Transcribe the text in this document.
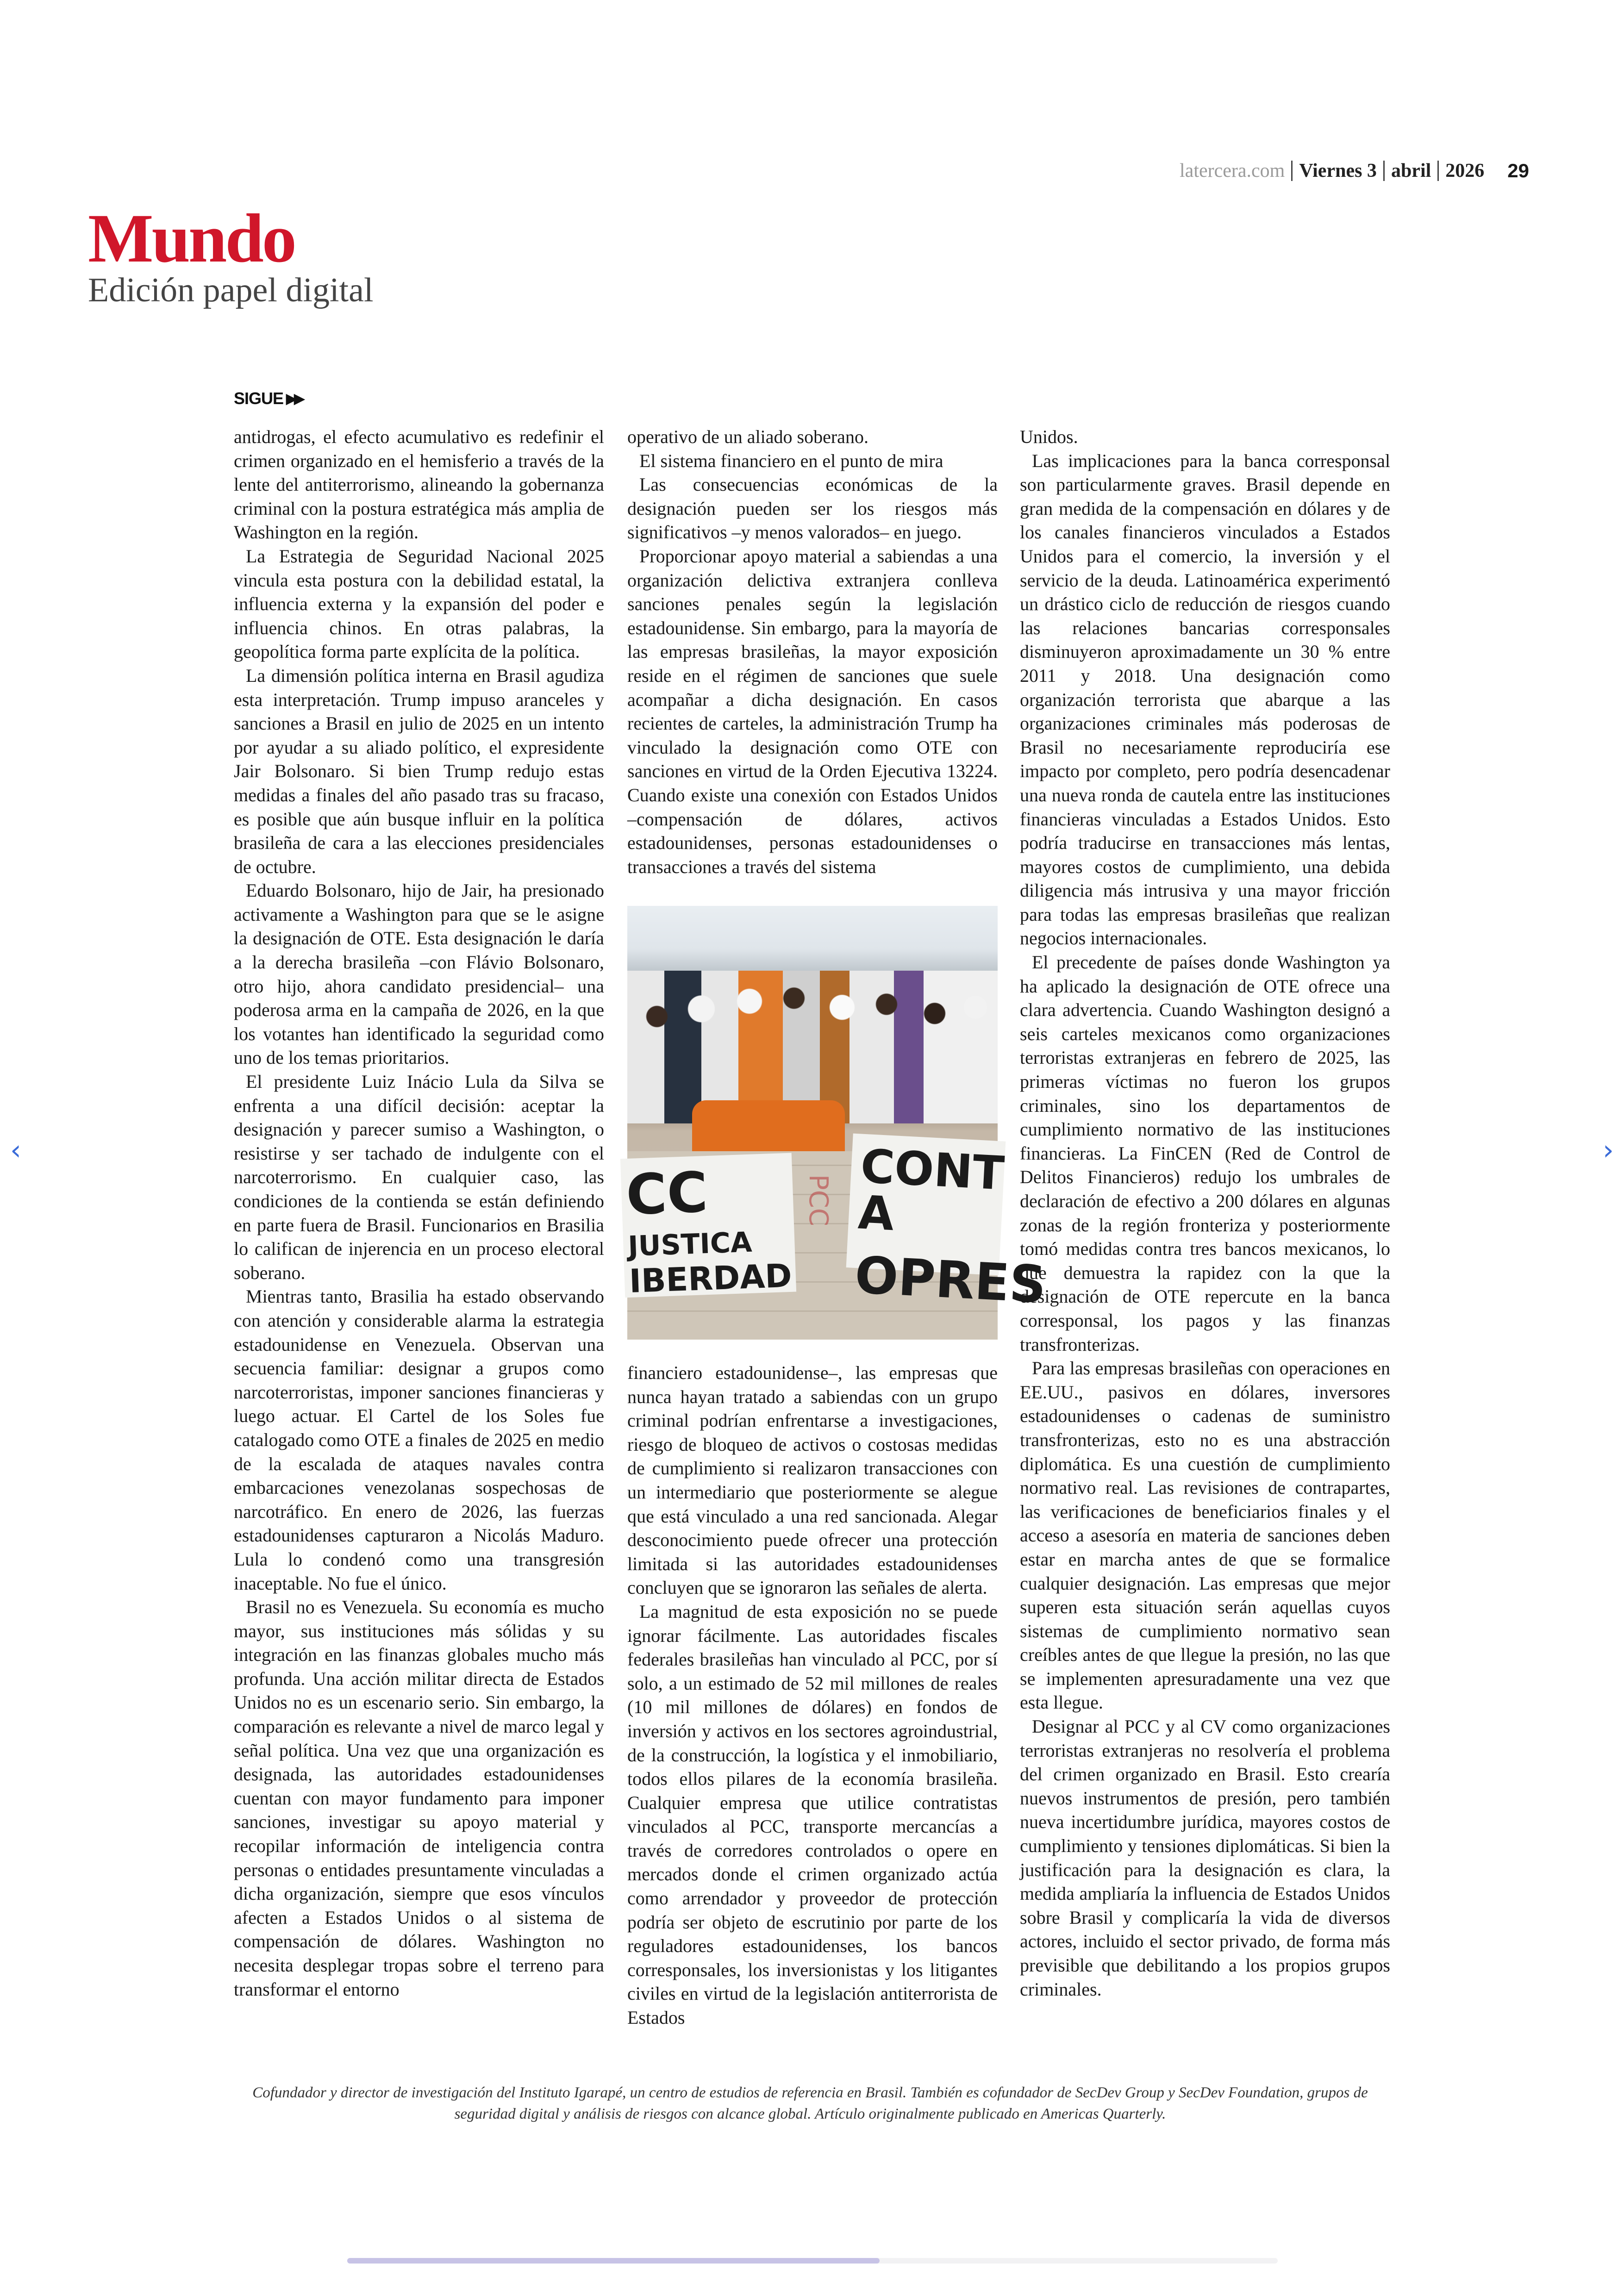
latercera.com Viernes 3 abril 2026 29
Mundo
Edición papel digital
SIGUE ▶▶

antidrogas, el efecto acumulativo es redefinir el crimen organizado en el hemisferio a través de la lente del antiterrorismo, alineando la gobernanza criminal con la postura estratégica más amplia de Washington en la región.

La Estrategia de Seguridad Nacional 2025 vincula esta postura con la debilidad estatal, la influencia externa y la expansión del poder e influencia chinos. En otras palabras, la geopolítica forma parte explícita de la política.

La dimensión política interna en Brasil agudiza esta interpretación. Trump impuso aranceles y sanciones a Brasil en julio de 2025 en un intento por ayudar a su aliado político, el expresidente Jair Bolsonaro. Si bien Trump redujo estas medidas a finales del año pasado tras su fracaso, es posible que aún busque influir en la política brasileña de cara a las elecciones presidenciales de octubre.

Eduardo Bolsonaro, hijo de Jair, ha presionado activamente a Washington para que se le asigne la designación de OTE. Esta designación le daría a la derecha brasileña –con Flávio Bolsonaro, otro hijo, ahora candidato presidencial– una poderosa arma en la campaña de 2026, en la que los votantes han identificado la seguridad como uno de los temas prioritarios.

El presidente Luiz Inácio Lula da Silva se enfrenta a una difícil decisión: aceptar la designación y parecer sumiso a Washington, o resistirse y ser tachado de indulgente con el narcoterrorismo. En cualquier caso, las condiciones de la contienda se están definiendo en parte fuera de Brasil. Funcionarios en Brasilia lo califican de injerencia en un proceso electoral soberano.

Mientras tanto, Brasilia ha estado observando con atención y considerable alarma la estrategia estadounidense en Venezuela. Observan una secuencia familiar: designar a grupos como narcoterroristas, imponer sanciones financieras y luego actuar. El Cartel de los Soles fue catalogado como OTE a finales de 2025 en medio de la escalada de ataques navales contra embarcaciones venezolanas sospechosas de narcotráfico. En enero de 2026, las fuerzas estadounidenses capturaron a Nicolás Maduro. Lula lo condenó como una transgresión inaceptable. No fue el único.

Brasil no es Venezuela. Su economía es mucho mayor, sus instituciones más sólidas y su integración en las finanzas globales mucho más profunda. Una acción militar directa de Estados Unidos no es un escenario serio. Sin embargo, la comparación es relevante a nivel de marco legal y señal política. Una vez que una organización es designada, las autoridades estadounidenses cuentan con mayor fundamento para imponer sanciones, investigar su apoyo material y recopilar información de inteligencia contra personas o entidades presuntamente vinculadas a dicha organización, siempre que esos vínculos afecten a Estados Unidos o al sistema de compensación de dólares. Washington no necesita desplegar tropas sobre el terreno para transformar el entorno

operativo de un aliado soberano.

El sistema financiero en el punto de mira

Las consecuencias económicas de la designación pueden ser los riesgos más significativos –y menos valorados– en juego.

Proporcionar apoyo material a sabiendas a una organización delictiva extranjera conlleva sanciones penales según la legislación estadounidense. Sin embargo, para la mayoría de las empresas brasileñas, la mayor exposición reside en el régimen de sanciones que suele acompañar a dicha designación. En casos recientes de carteles, la administración Trump ha vinculado la designación como OTE con sanciones en virtud de la Orden Ejecutiva 13224. Cuando existe una conexión con Estados Unidos –compensación de dólares, activos estadounidenses, personas estadounidenses o transacciones a través del sistema

CC
JUSTICA
IBERDAD
PCC CONT A
OPRES

financiero estadounidense–, las empresas que nunca hayan tratado a sabiendas con un grupo criminal podrían enfrentarse a investigaciones, riesgo de bloqueo de activos o costosas medidas de cumplimiento si realizaron transacciones con un intermediario que posteriormente se alegue que está vinculado a una red sancionada. Alegar desconocimiento puede ofrecer una protección limitada si las autoridades estadounidenses concluyen que se ignoraron las señales de alerta.

La magnitud de esta exposición no se puede ignorar fácilmente. Las autoridades fiscales federales brasileñas han vinculado al PCC, por sí solo, a un estimado de 52 mil millones de reales (10 mil millones de dólares) en fondos de inversión y activos en los sectores agroindustrial, de la construcción, la logística y el inmobiliario, todos ellos pilares de la economía brasileña. Cualquier empresa que utilice contratistas vinculados al PCC, transporte mercancías a través de corredores controlados o opere en mercados donde el crimen organizado actúa como arrendador y proveedor de protección podría ser objeto de escrutinio por parte de los reguladores estadounidenses, los bancos corresponsales, los inversionistas y los litigantes civiles en virtud de la legislación antiterrorista de Estados

Unidos.

Las implicaciones para la banca corresponsal son particularmente graves. Brasil depende en gran medida de la compensación en dólares y de los canales financieros vinculados a Estados Unidos para el comercio, la inversión y el servicio de la deuda. Latinoamérica experimentó un drástico ciclo de reducción de riesgos cuando las relaciones bancarias corresponsales disminuyeron aproximadamente un 30 % entre 2011 y 2018. Una designación como organización terrorista que abarque a las organizaciones criminales más poderosas de Brasil no necesariamente reproduciría ese impacto por completo, pero podría desencadenar una nueva ronda de cautela entre las instituciones financieras vinculadas a Estados Unidos. Esto podría traducirse en transacciones más lentas, mayores costos de cumplimiento, una debida diligencia más intrusiva y una mayor fricción para todas las empresas brasileñas que realizan negocios internacionales.

El precedente de países donde Washington ya ha aplicado la designación de OTE ofrece una clara advertencia. Cuando Washington designó a seis carteles mexicanos como organizaciones terroristas extranjeras en febrero de 2025, las primeras víctimas no fueron los grupos criminales, sino los departamentos de cumplimiento normativo de las instituciones financieras. La FinCEN (Red de Control de Delitos Financieros) redujo los umbrales de declaración de efectivo a 200 dólares en algunas zonas de la región fronteriza y posteriormente tomó medidas contra tres bancos mexicanos, lo que demuestra la rapidez con la que la designación de OTE repercute en la banca corresponsal, los pagos y las finanzas transfronterizas.

Para las empresas brasileñas con operaciones en EE.UU., pasivos en dólares, inversores estadounidenses o cadenas de suministro transfronterizas, esto no es una abstracción diplomática. Es una cuestión de cumplimiento normativo real. Las revisiones de contrapartes, las verificaciones de beneficiarios finales y el acceso a asesoría en materia de sanciones deben estar en marcha antes de que se formalice cualquier designación. Las empresas que mejor superen esta situación serán aquellas cuyos sistemas de cumplimiento normativo sean creíbles antes de que llegue la presión, no las que se implementen apresuradamente una vez que esta llegue.

Designar al PCC y al CV como organizaciones terroristas extranjeras no resolvería el problema del crimen organizado en Brasil. Esto crearía nuevos instrumentos de presión, pero también nueva incertidumbre jurídica, mayores costos de cumplimiento y tensiones diplomáticas. Si bien la justificación para la designación es clara, la medida ampliaría la influencia de Estados Unidos sobre Brasil y complicaría la vida de diversos actores, incluido el sector privado, de forma más previsible que debilitando a los propios grupos criminales.

Cofundador y director de investigación del Instituto Igarapé, un centro de estudios de referencia en Brasil. También es cofundador de SecDev Group y SecDev Foundation, grupos de seguridad digital y análisis de riesgos con alcance global. Artículo originalmente publicado en Americas Quarterly.
‹	›
